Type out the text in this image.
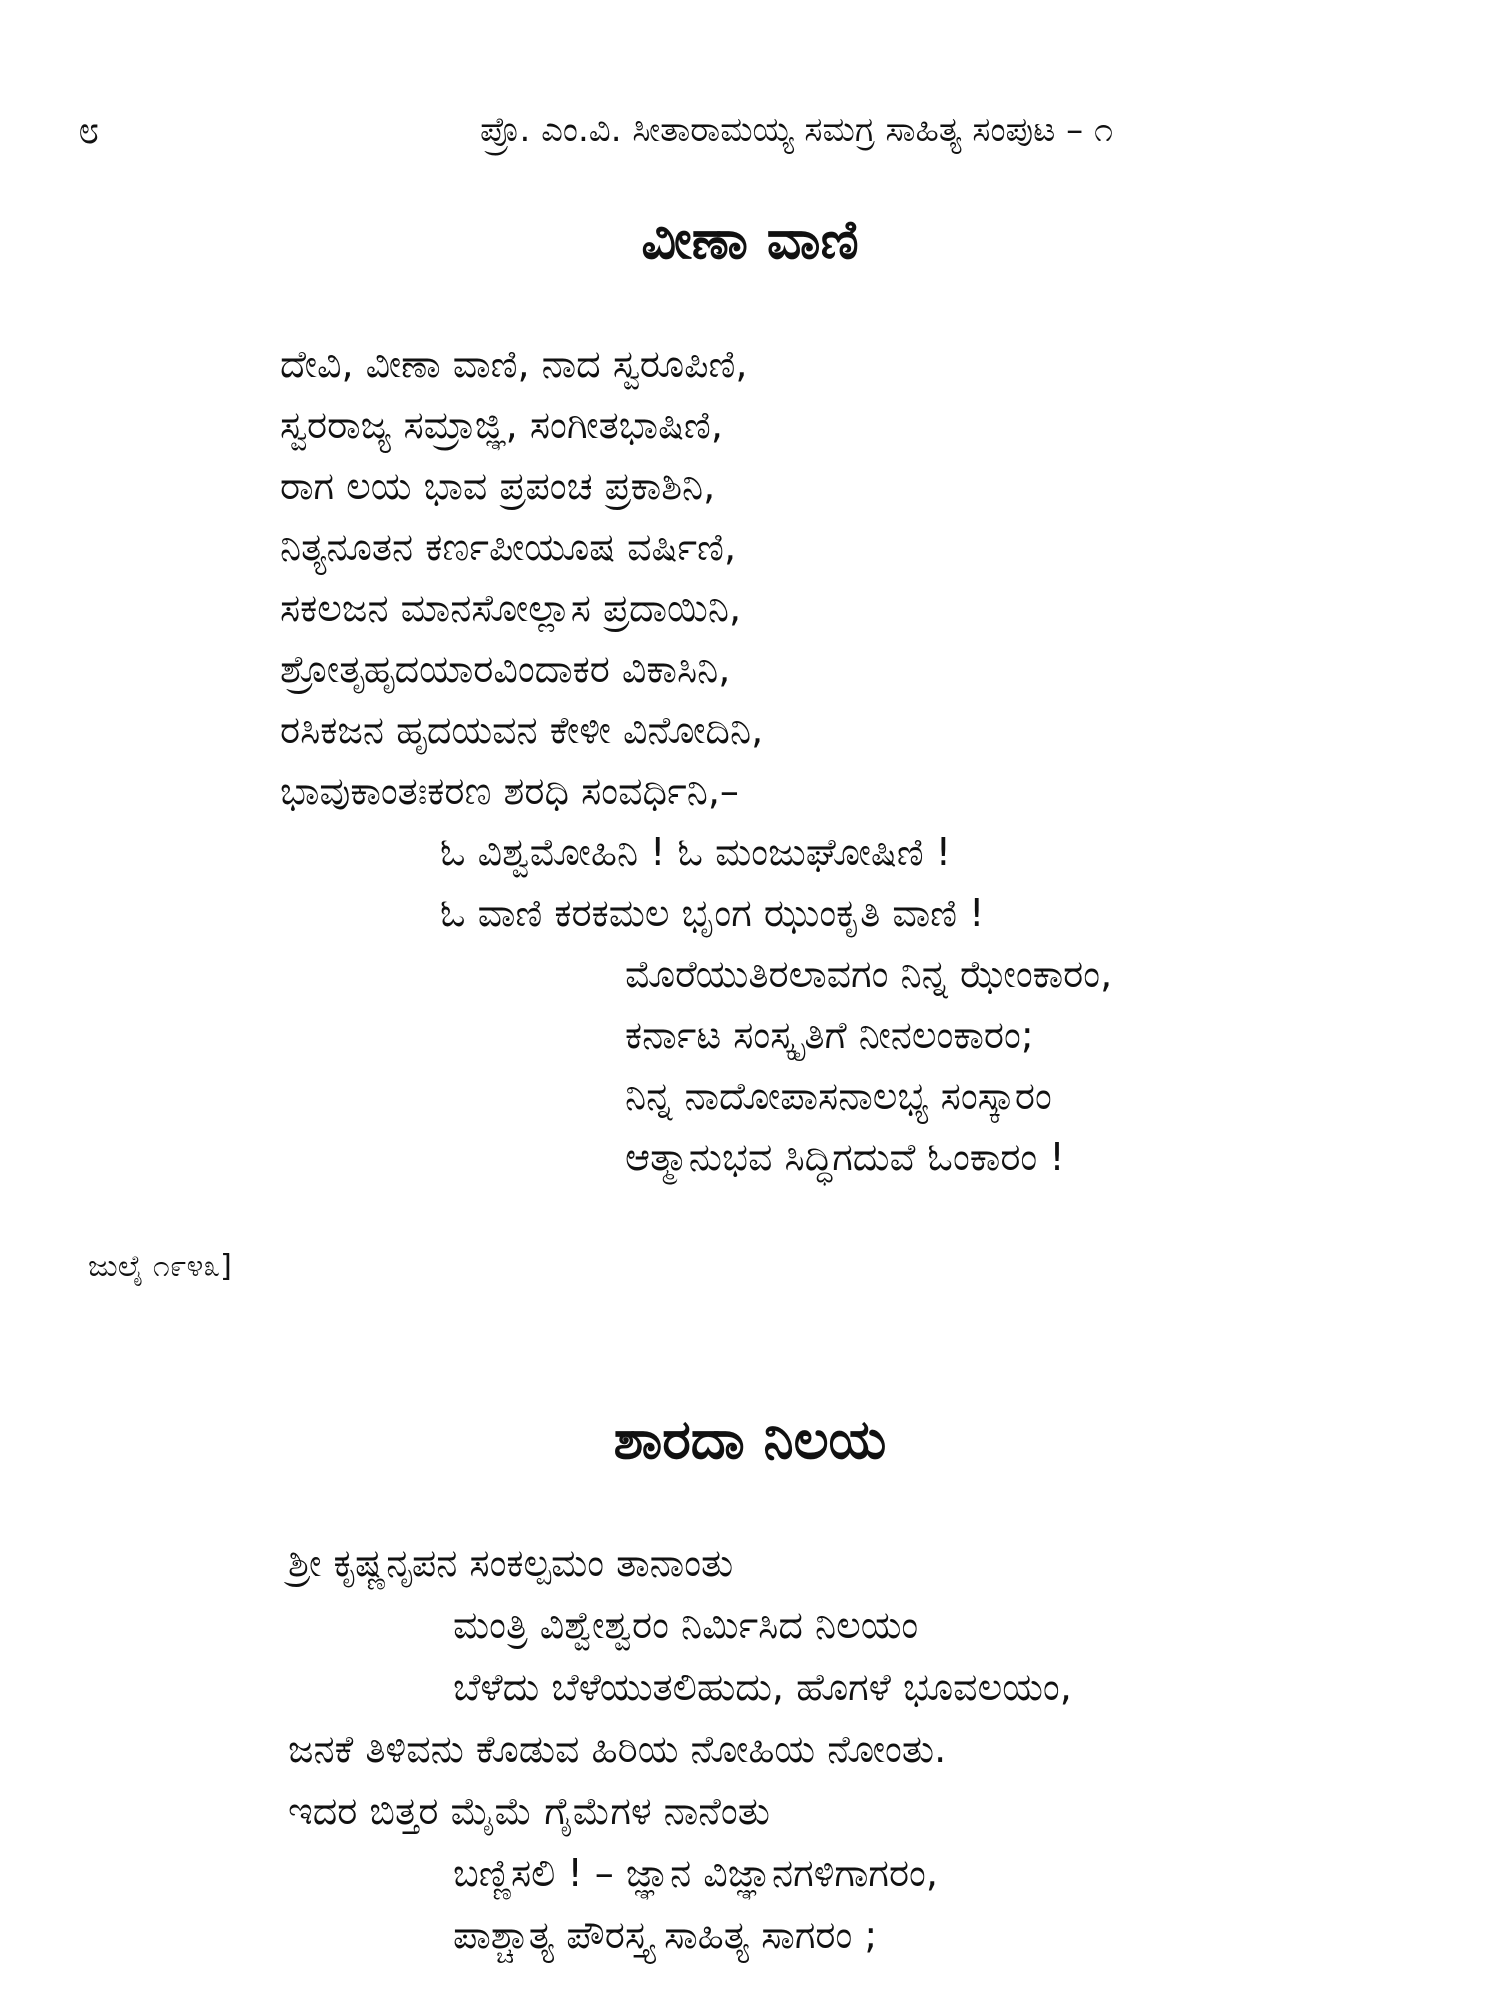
೮	ಪ್ರೊ. ಎಂ.ವಿ. ಸೀತಾರಾಮಯ್ಯ ಸಮಗ್ರ ಸಾಹಿತ್ಯ ಸಂಪುಟ – ೧
ವೀಣಾ ವಾಣಿ
ದೇವಿ, ವೀಣಾ ವಾಣಿ, ನಾದ ಸ್ವರೂಪಿಣಿ,
ಸ್ವರರಾಜ್ಯ ಸಮ್ರಾಜ್ಞಿ, ಸಂಗೀತಭಾಷಿಣಿ,
ರಾಗ ಲಯ ಭಾವ ಪ್ರಪಂಚ ಪ್ರಕಾಶಿನಿ,
ನಿತ್ಯನೂತನ ಕರ್ಣಪೀಯೂಷ ವರ್ಷಿಣಿ,
ಸಕಲಜನ ಮಾನಸೋಲ್ಲಾಸ ಪ್ರದಾಯಿನಿ,
ಶ್ರೋತೃಹೃದಯಾರವಿಂದಾಕರ ವಿಕಾಸಿನಿ,
ರಸಿಕಜನ ಹೃದಯವನ ಕೇಳೀ ವಿನೋದಿನಿ,
ಭಾವುಕಾಂತಃಕರಣ ಶರಧಿ ಸಂವರ್ಧಿನಿ,–
ಓ ವಿಶ್ವಮೋಹಿನಿ ! ಓ ಮಂಜುಘೋಷಿಣಿ !
ಓ ವಾಣಿ ಕರಕಮಲ ಭೃಂಗ ಝುಂಕೃತಿ ವಾಣಿ !
ಮೊರೆಯುತಿರಲಾವಗಂ ನಿನ್ನ ಝೇಂಕಾರಂ,
ಕರ್ನಾಟ ಸಂಸ್ಕೃತಿಗೆ ನೀನಲಂಕಾರಂ;
ನಿನ್ನ ನಾದೋಪಾಸನಾಲಭ್ಯ ಸಂಸ್ಕಾರಂ
ಆತ್ಮಾನುಭವ ಸಿದ್ಧಿಗದುವೆ ಓಂಕಾರಂ !
ಜುಲೈ ೧೯೪೩]
ಶಾರದಾ ನಿಲಯ
ಶ್ರೀ ಕೃಷ್ಣನೃಪನ ಸಂಕಲ್ಪಮಂ ತಾನಾಂತು
ಮಂತ್ರಿ ವಿಶ್ವೇಶ್ವರಂ ನಿರ್ಮಿಸಿದ ನಿಲಯಂ
ಬೆಳೆದು ಬೆಳೆಯುತಲಿಹುದು, ಹೊಗಳೆ ಭೂವಲಯಂ,
ಜನಕೆ ತಿಳಿವನು ಕೊಡುವ ಹಿರಿಯ ನೋಹಿಯ ನೋಂತು.
ಇದರ ಬಿತ್ತರ ಮೈಮೆ ಗೈಮೆಗಳ ನಾನೆಂತು
ಬಣ್ಣಿಸಲಿ ! – ಜ್ಞಾನ ವಿಜ್ಞಾನಗಳಿಗಾಗರಂ,
ಪಾಶ್ಚಾತ್ಯ ಪೌರಸ್ತ್ಯ ಸಾಹಿತ್ಯ ಸಾಗರಂ ;
